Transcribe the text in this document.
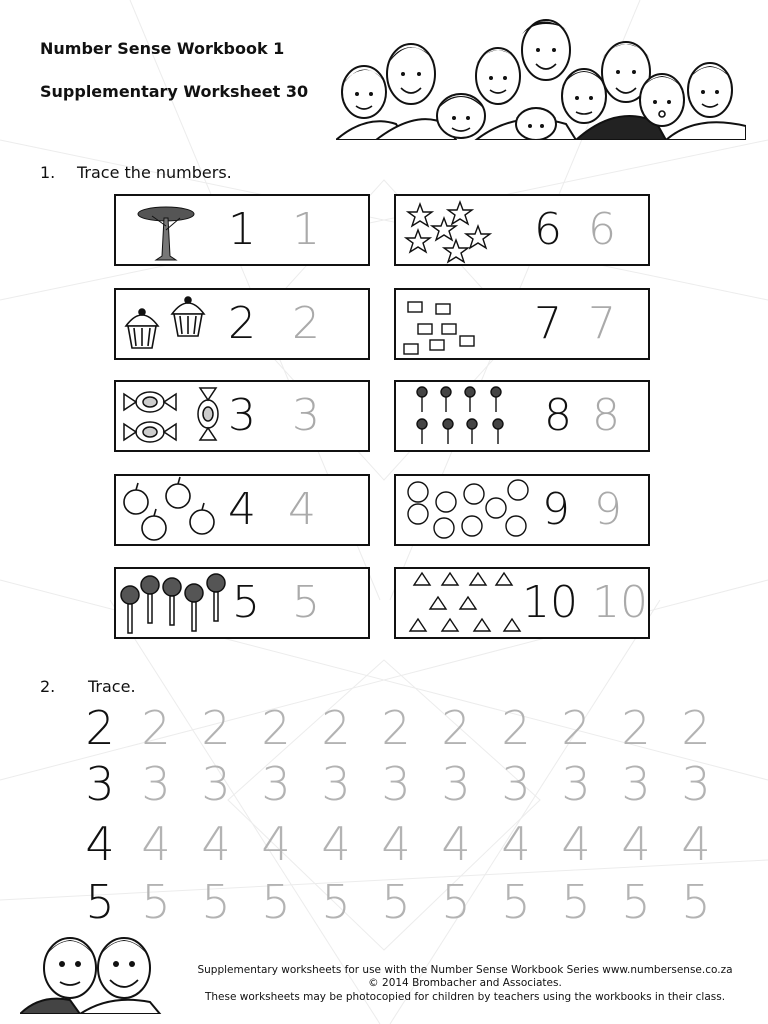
Number Sense Workbook 1
Supplementary Worksheet 30
1. Trace the numbers.
1 1
2 2
3 3
4 4
5 5
6 6
7 7
8 8
9 9
10 10
2. Trace.
2 2 2 2 2 2 2 2 2 2 2
3 3 3 3 3 3 3 3 3 3 3
4 4 4 4 4 4 4 4 4 4 4
5 5 5 5 5 5 5 5 5 5 5
Supplementary worksheets for use with the Number Sense Workbook Series www.numbersense.co.za
© 2014 Brombacher and Associates.
These worksheets may be photocopied for children by teachers using the workbooks in their class.
